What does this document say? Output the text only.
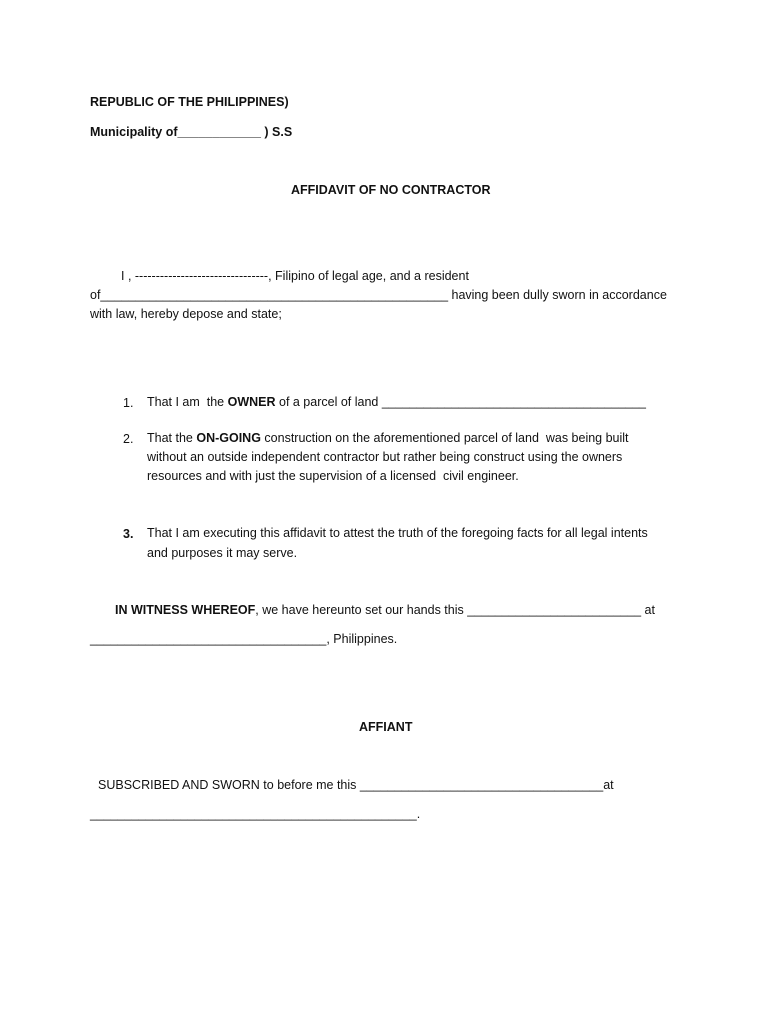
REPUBLIC OF THE PHILIPPINES)
Municipality of____________ ) S.S
AFFIDAVIT OF NO CONTRACTOR
I , --------------------------------, Filipino of legal age, and a resident
of__________________________________________________ having been dully sworn in accordance
with law, hereby depose and state;
1.	That I am  the OWNER of a parcel of land ______________________________________
2.	That the ON-GOING construction on the aforementioned parcel of land  was being built
without an outside independent contractor but rather being construct using the owners
resources and with just the supervision of a licensed  civil engineer.
3.	That I am executing this affidavit to attest the truth of the foregoing facts for all legal intents
and purposes it may serve.
IN WITNESS WHEREOF, we have hereunto set our hands this _________________________ at
__________________________________, Philippines.
AFFIANT
SUBSCRIBED AND SWORN to before me this ___________________________________at
_______________________________________________.
